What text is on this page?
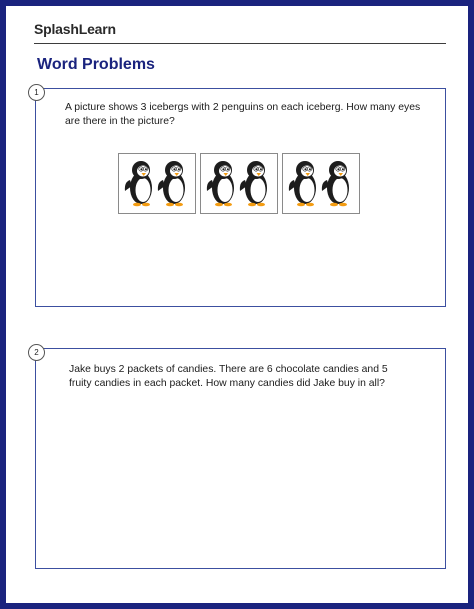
SplashLearn
Word Problems
1
A picture shows 3 icebergs with 2 penguins on each iceberg. How many eyes are there in the picture?
2
Jake buys 2 packets of candies. There are 6 chocolate candies and 5 fruity candies in each packet. How many candies did Jake buy in all?
